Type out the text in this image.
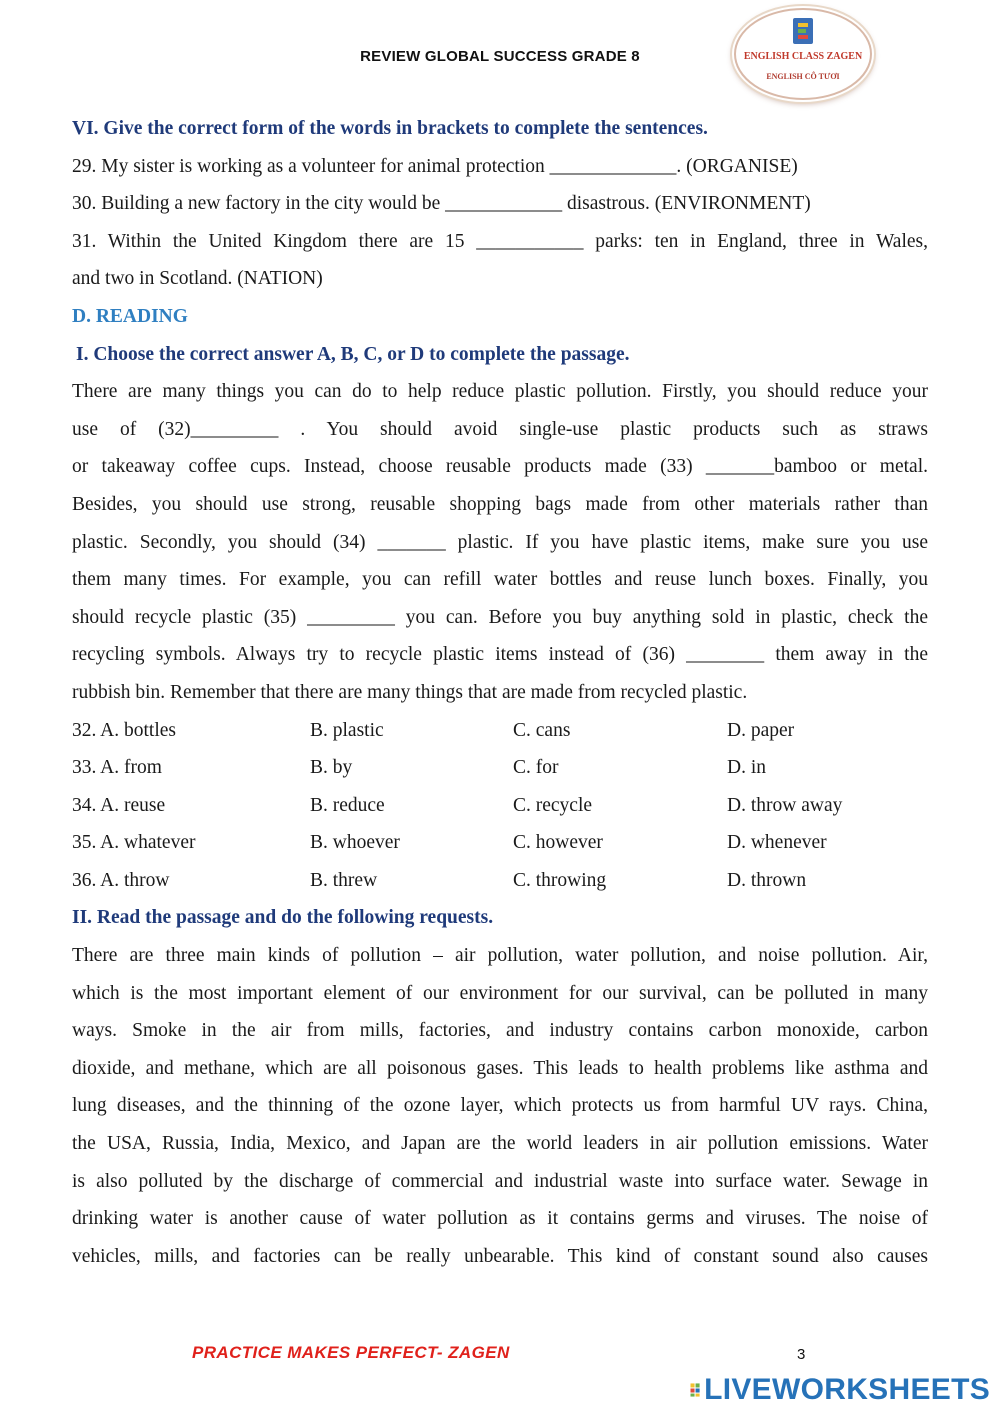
REVIEW GLOBAL SUCCESS GRADE 8	ENGLISH CLASS ZAGEN
ENGLISH CÔ TƯƠI
VI. Give the correct form of the words in brackets to complete the sentences.
29. My sister is working as a volunteer for animal protection _____________. (ORGANISE)
30. Building a new factory in the city would be ____________ disastrous. (ENVIRONMENT)
31. Within the United Kingdom there are 15 ___________ parks: ten in England, three in Wales,
and two in Scotland. (NATION)
D. READING
I. Choose the correct answer A, B, C, or D to complete the passage.
There are many things you can do to help reduce plastic pollution. Firstly, you should reduce your
use of (32)_________ . You should avoid single-use plastic products such as straws
or takeaway coffee cups. Instead, choose reusable products made (33) _______bamboo or metal.
Besides, you should use strong, reusable shopping bags made from other materials rather than
plastic. Secondly, you should (34) _______ plastic. If you have plastic items, make sure you use
them many times. For example, you can refill water bottles and reuse lunch boxes. Finally, you
should recycle plastic (35) _________ you can. Before you buy anything sold in plastic, check the
recycling symbols. Always try to recycle plastic items instead of (36) ________ them away in the
rubbish bin. Remember that there are many things that are made from recycled plastic.
32. A. bottles	B. plastic	C. cans	D. paper
33. A. from	B. by	C. for	D. in
34. A. reuse	B. reduce	C. recycle	D. throw away
35. A. whatever	B. whoever	C. however	D. whenever
36. A. throw	B. threw	C. throwing	D. thrown
II. Read the passage and do the following requests.
There are three main kinds of pollution – air pollution, water pollution, and noise pollution. Air,
which is the most important element of our environment for our survival, can be polluted in many
ways. Smoke in the air from mills, factories, and industry contains carbon monoxide, carbon
dioxide, and methane, which are all poisonous gases. This leads to health problems like asthma and
lung diseases, and the thinning of the ozone layer, which protects us from harmful UV rays. China,
the USA, Russia, India, Mexico, and Japan are the world leaders in air pollution emissions. Water
is also polluted by the discharge of commercial and industrial waste into surface water. Sewage in
drinking water is another cause of water pollution as it contains germs and viruses. The noise of
vehicles, mills, and factories can be really unbearable. This kind of constant sound also causes
PRACTICE MAKES PERFECT- ZAGEN	3
LIVEWORKSHEETS
